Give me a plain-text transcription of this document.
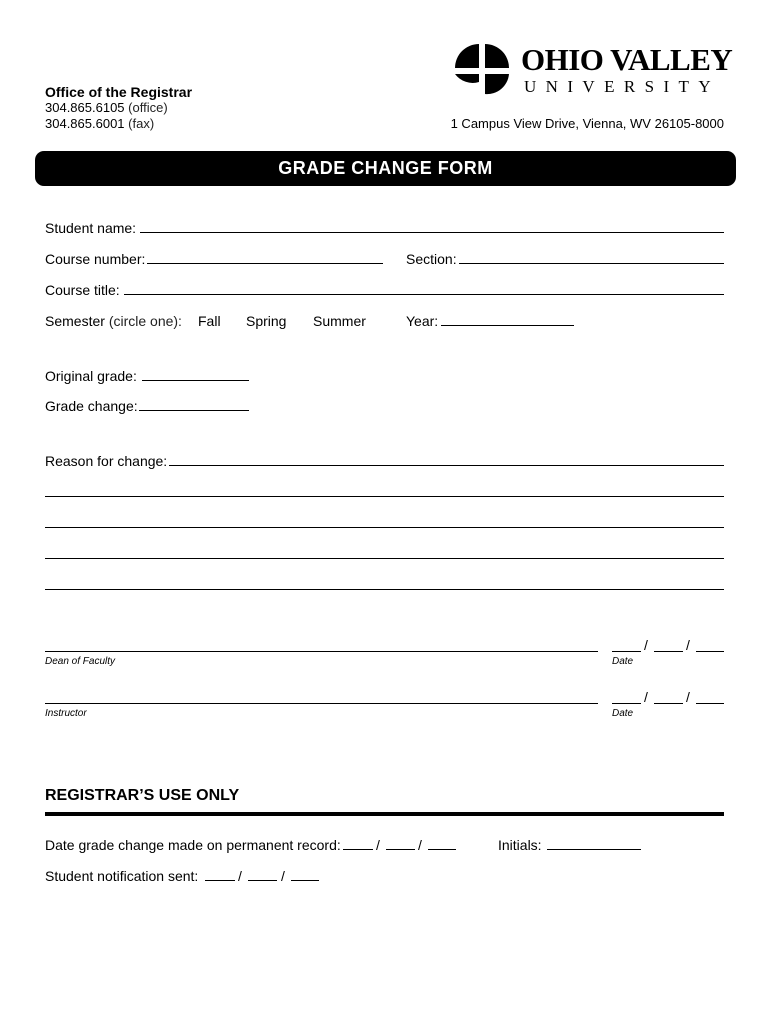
Office of the Registrar
304.865.6105 (office)
304.865.6001 (fax)
OHIO VALLEY
UNIVERSITY
1 Campus View Drive, Vienna, WV 26105-8000
GRADE CHANGE FORM
Student name:
Course number:	Section:
Course title:
Semester (circle one): Fall Spring Summer	Year:
Original grade:
Grade change:
Reason for change:
Dean of Faculty
/	/
Date
Instructor
/	/
Date
REGISTRAR’S USE ONLY
Date grade change made on permanent record:	/	/	Initials:
Student notification sent:	/	/
